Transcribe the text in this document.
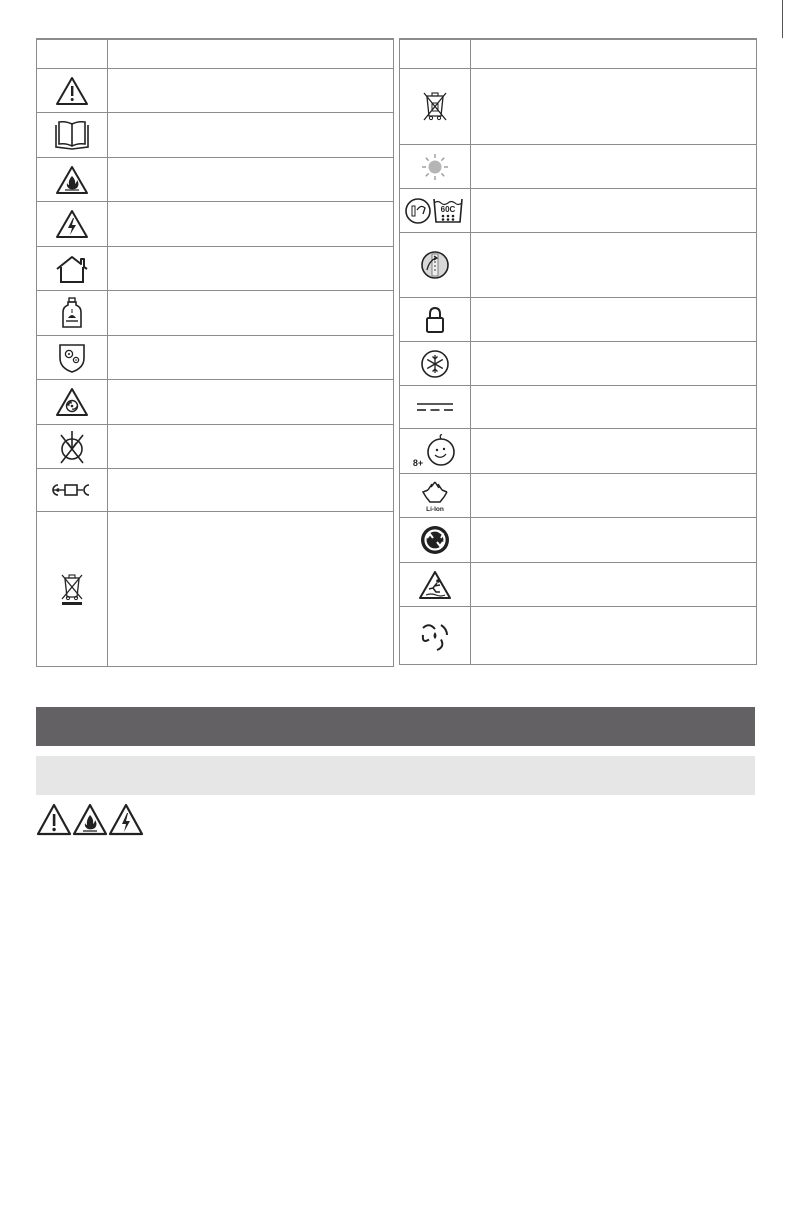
60C
8+
Li-Ion
